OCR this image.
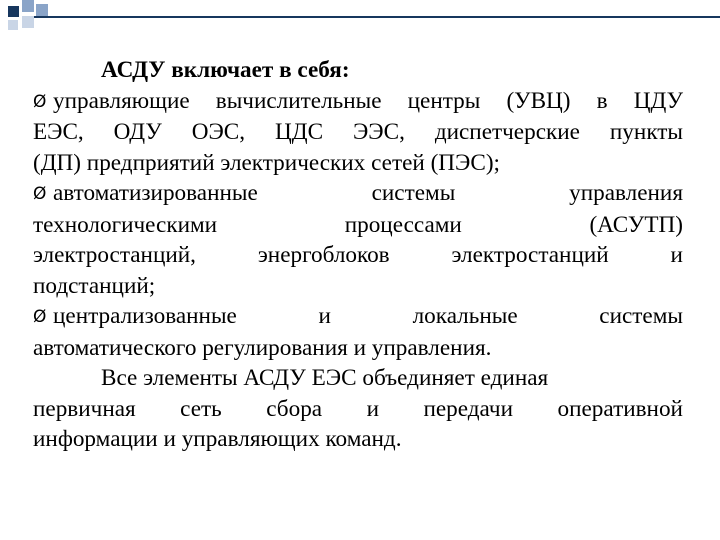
АСДУ включает в себя:
Ø управляющие вычислительные центры (УВЦ) в ЦДУ
ЕЭС, ОДУ ОЭС, ЦДС ЭЭС, диспетчерские пункты
(ДП) предприятий электрических сетей (ПЭС);
Ø автоматизированные	системы	управления
технологическими	процессами	(АСУТП)
электростанций,	энергоблоков	электростанций	и
подстанций;
Ø централизованные	и	локальные	системы
автоматического регулирования и управления.
Все элементы АСДУ ЕЭС объединяет единая
первичная сеть сбора и передачи оперативной
информации и управляющих команд.
